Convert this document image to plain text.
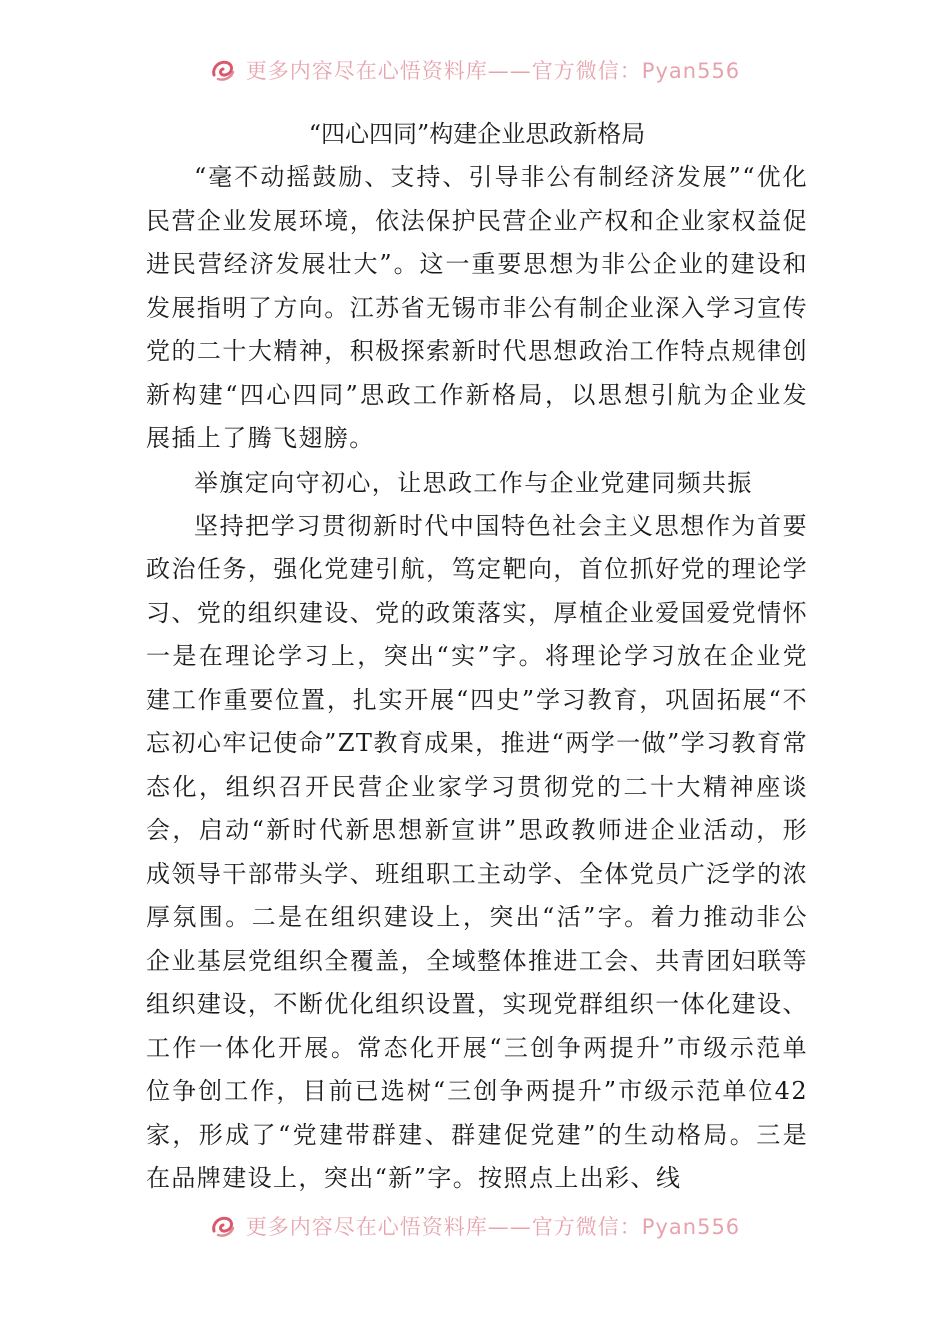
更多内容尽在心悟资料库——官方微信：Pyan556
“四心四同”构建企业思政新格局

“毫不动摇鼓励、支持、引导非公有制经济发展”“优化民营企业发展环境，依法保护民营企业产权和企业家权益促进民营经济发展壮大”。这一重要思想为非公企业的建设和发展指明了方向。江苏省无锡市非公有制企业深入学习宣传党的二十大精神，积极探索新时代思想政治工作特点规律创新构建“四心四同”思政工作新格局，以思想引航为企业发展插上了腾飞翅膀。

举旗定向守初心，让思政工作与企业党建同频共振

坚持把学习贯彻新时代中国特色社会主义思想作为首要政治任务，强化党建引航，笃定靶向，首位抓好党的理论学习、党的组织建设、党的政策落实，厚植企业爱国爱党情怀一是在理论学习上，突出“实”字。将理论学习放在企业党建工作重要位置，扎实开展“四史”学习教育，巩固拓展“不忘初心牢记使命”ZT教育成果，推进“两学一做”学习教育常态化，组织召开民营企业家学习贯彻党的二十大精神座谈会，启动“新时代新思想新宣讲”思政教师进企业活动，形成领导干部带头学、班组职工主动学、全体党员广泛学的浓厚氛围。二是在组织建设上，突出“活”字。着力推动非公企业基层党组织全覆盖，全域整体推进工会、共青团妇联等组织建设，不断优化组织设置，实现党群组织一体化建设、工作一体化开展。常态化开展“三创争两提升”市级示范单位争创工作，目前已选树“三创争两提升”市级示范单位42家，形成了“党建带群建、群建促党建”的生动格局。三是在品牌建设上，突出“新”字。按照点上出彩、线

更多内容尽在心悟资料库——官方微信：Pyan556
